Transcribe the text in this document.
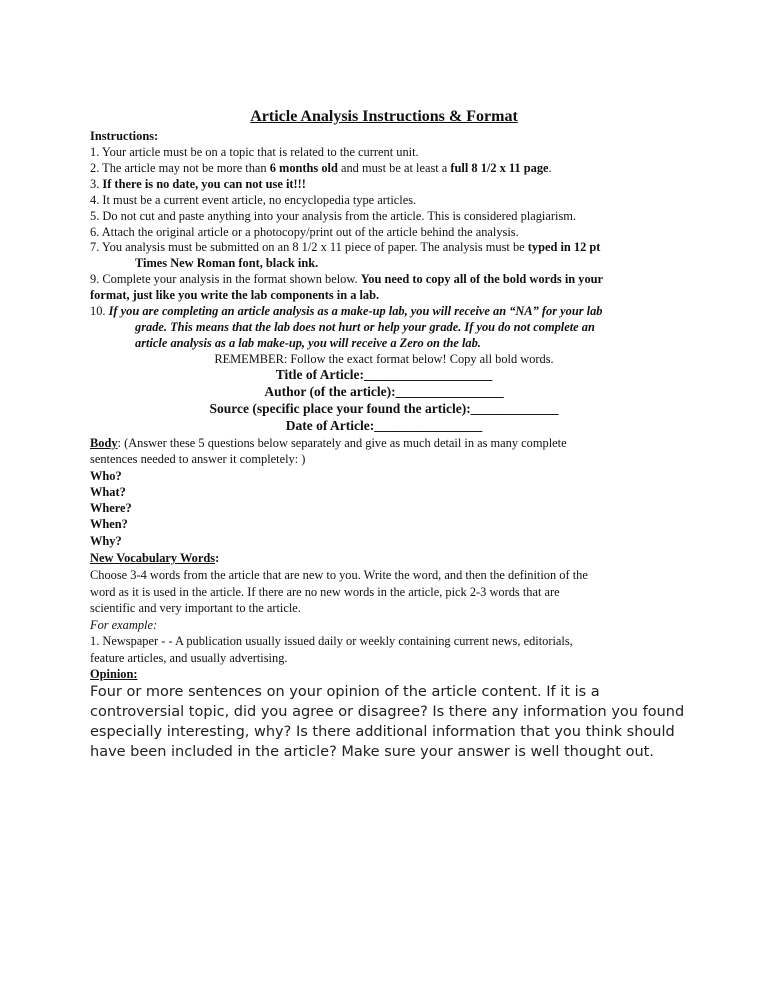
Article Analysis Instructions & Format
Instructions:
1. Your article must be on a topic that is related to the current unit.
2. The article may not be more than 6 months old and must be at least a full 8 1/2 x 11 page.
3. If there is no date, you can not use it!!!
4. It must be a current event article, no encyclopedia type articles.
5. Do not cut and paste anything into your analysis from the article. This is considered plagiarism.
6. Attach the original article or a photocopy/print out of the article behind the analysis.
7. You analysis must be submitted on an 8 1/2 x 11 piece of paper. The analysis must be typed in 12 pt
Times New Roman font, black ink.
9. Complete your analysis in the format shown below. You need to copy all of the bold words in your
format, just like you write the lab components in a lab.
10. If you are completing an article analysis as a make-up lab, you will receive an “NA” for your lab
grade. This means that the lab does not hurt or help your grade. If you do not complete an
article analysis as a lab make-up, you will receive a Zero on the lab.
REMEMBER: Follow the exact format below! Copy all bold words.
Title of Article:___________________
Author (of the article):________________
Source (specific place your found the article):_____________
Date of Article:________________
Body: (Answer these 5 questions below separately and give as much detail in as many complete
sentences needed to answer it completely: )
Who?
What?
Where?
When?
Why?
New Vocabulary Words:
Choose 3-4 words from the article that are new to you. Write the word, and then the definition of the
word as it is used in the article. If there are no new words in the article, pick 2-3 words that are
scientific and very important to the article.
For example:
1. Newspaper - - A publication usually issued daily or weekly containing current news, editorials,
feature articles, and usually advertising.
Opinion:
Four or more sentences on your opinion of the article content. If it is a controversial topic, did you agree or disagree? Is there any information you found especially interesting, why? Is there additional information that you think should have been included in the article? Make sure your answer is well thought out.
